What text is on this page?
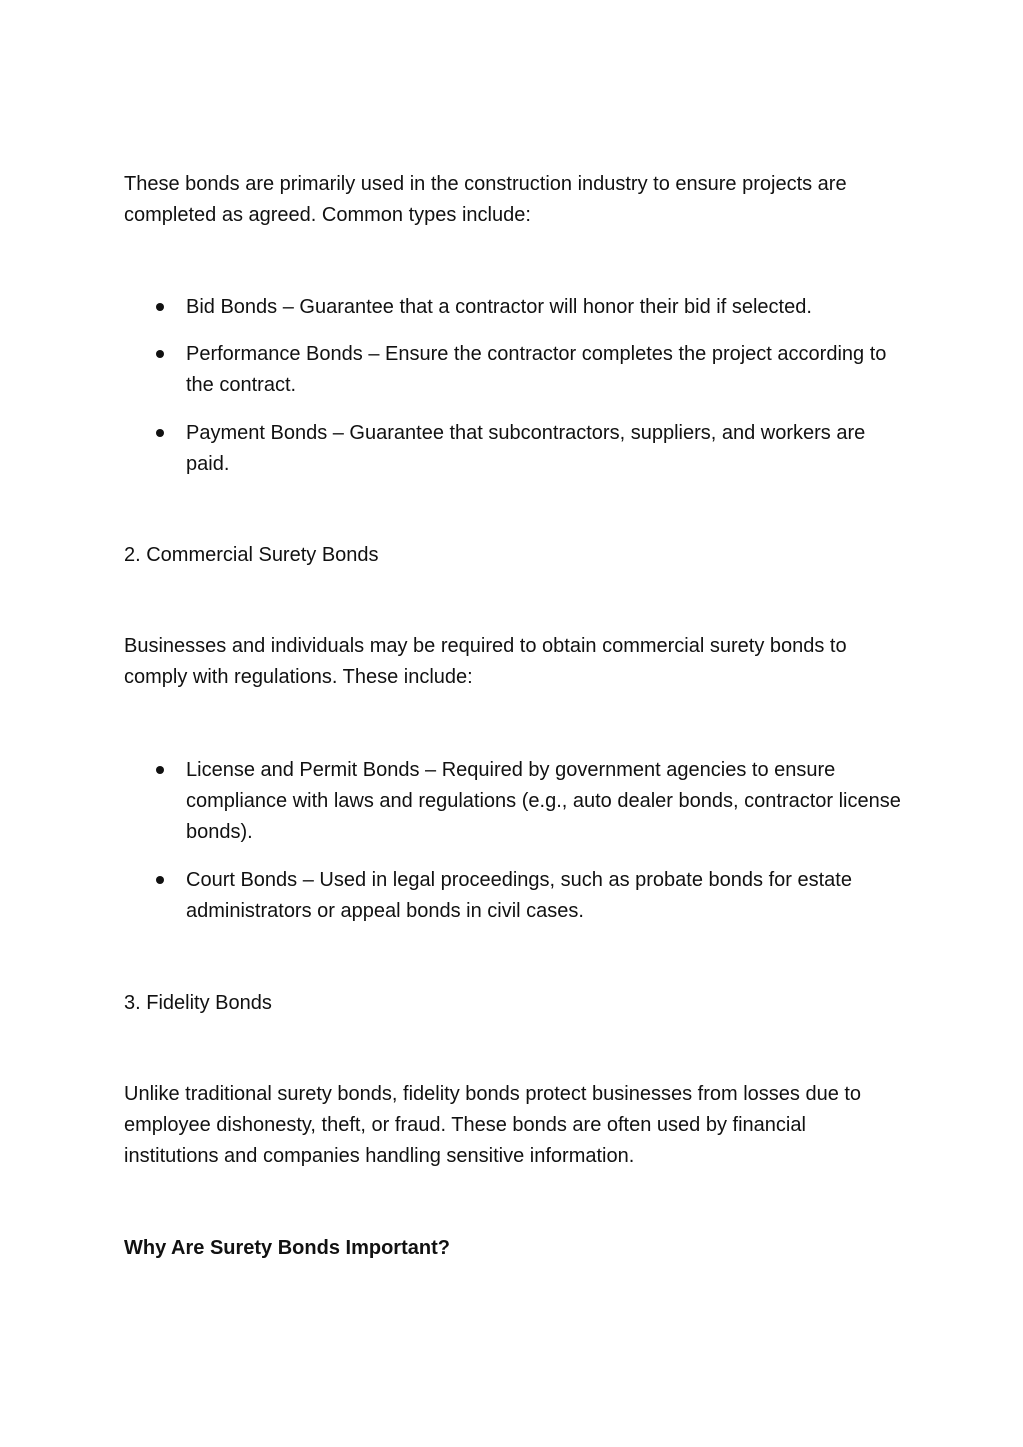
These bonds are primarily used in the construction industry to ensure projects are completed as agreed. Common types include:

Bid Bonds – Guarantee that a contractor will honor their bid if selected.

Performance Bonds – Ensure the contractor completes the project according to the contract.

Payment Bonds – Guarantee that subcontractors, suppliers, and workers are paid.

2. Commercial Surety Bonds

Businesses and individuals may be required to obtain commercial surety bonds to comply with regulations. These include:

License and Permit Bonds – Required by government agencies to ensure compliance with laws and regulations (e.g., auto dealer bonds, contractor license bonds).

Court Bonds – Used in legal proceedings, such as probate bonds for estate administrators or appeal bonds in civil cases.

3. Fidelity Bonds

Unlike traditional surety bonds, fidelity bonds protect businesses from losses due to employee dishonesty, theft, or fraud. These bonds are often used by financial institutions and companies handling sensitive information.

Why Are Surety Bonds Important?
